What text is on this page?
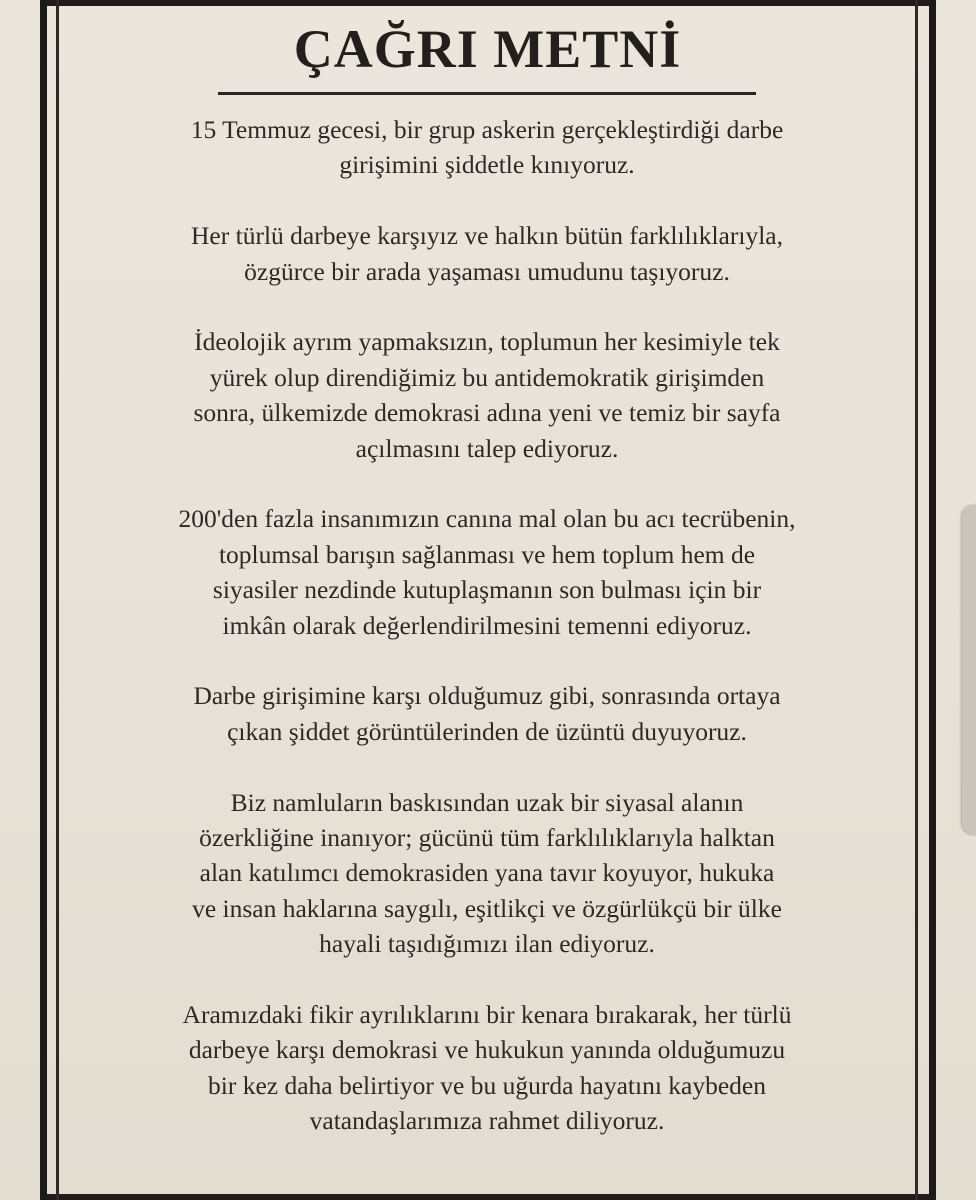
ÇAĞRI METNİ

15 Temmuz gecesi, bir grup askerin gerçekleştirdiği darbe
girişimini şiddetle kınıyoruz.

Her türlü darbeye karşıyız ve halkın bütün farklılıklarıyla,
özgürce bir arada yaşaması umudunu taşıyoruz.

İdeolojik ayrım yapmaksızın, toplumun her kesimiyle tek
yürek olup direndiğimiz bu antidemokratik girişimden
sonra, ülkemizde demokrasi adına yeni ve temiz bir sayfa
açılmasını talep ediyoruz.

200'den fazla insanımızın canına mal olan bu acı tecrübenin,
toplumsal barışın sağlanması ve hem toplum hem de
siyasiler nezdinde kutuplaşmanın son bulması için bir
imkân olarak değerlendirilmesini temenni ediyoruz.

Darbe girişimine karşı olduğumuz gibi, sonrasında ortaya
çıkan şiddet görüntülerinden de üzüntü duyuyoruz.

Biz namluların baskısından uzak bir siyasal alanın
özerkliğine inanıyor; gücünü tüm farklılıklarıyla halktan
alan katılımcı demokrasiden yana tavır koyuyor, hukuka
ve insan haklarına saygılı, eşitlikçi ve özgürlükçü bir ülke
hayali taşıdığımızı ilan ediyoruz.

Aramızdaki fikir ayrılıklarını bir kenara bırakarak, her türlü
darbeye karşı demokrasi ve hukukun yanında olduğumuzu
bir kez daha belirtiyor ve bu uğurda hayatını kaybeden
vatandaşlarımıza rahmet diliyoruz.
